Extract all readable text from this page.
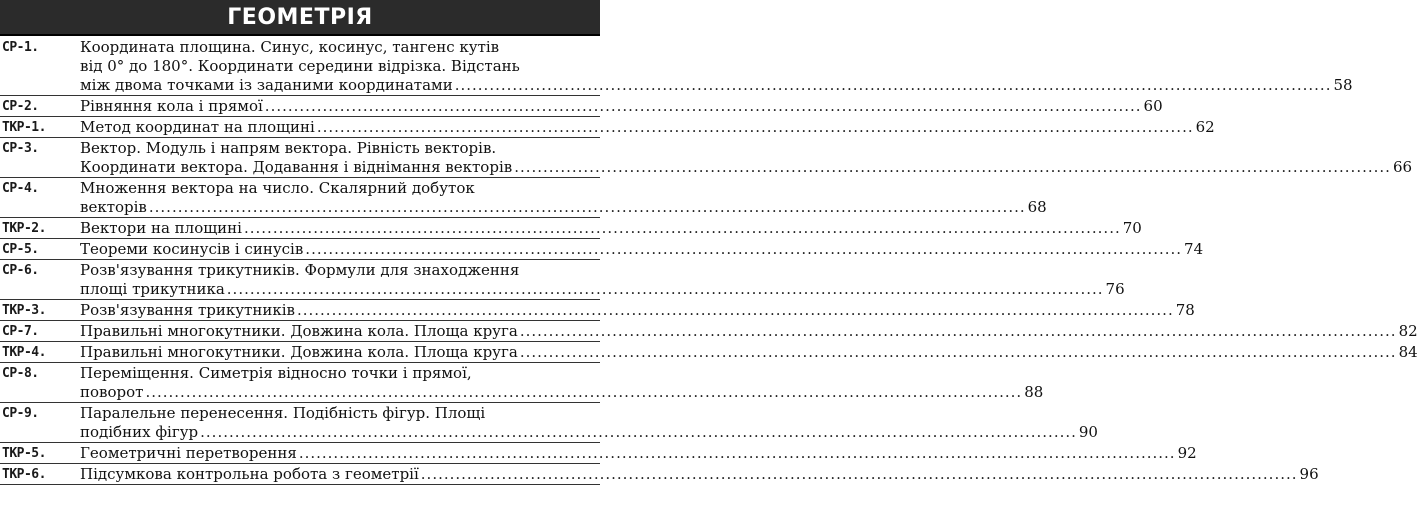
ГЕОМЕТРІЯ
СР-1.	Координата площина. Синус, косинус, тангенс кутів
від 0° до 180°. Координати середини відрізка. Відстань
між двома точками із заданими координатами .....	58
СР-2.	Рівняння кола і прямої .....	60
ТКР-1.	Метод координат на площині .....	62
СР-3.	Вектор. Модуль і напрям вектора. Рівність векторів.
Координати вектора. Додавання і віднімання векторів .....	66
СР-4.	Множення вектора на число. Скалярний добуток
векторів .....	68
ТКР-2.	Вектори на площині .....	70
СР-5.	Теореми косинусів і синусів .....	74
СР-6.	Розв'язування трикутників. Формули для знаходження
площі трикутника .....	76
ТКР-3.	Розв'язування трикутників .....	78
СР-7.	Правильні многокутники. Довжина кола. Площа круга .....	82
ТКР-4.	Правильні многокутники. Довжина кола. Площа круга .....	84
СР-8.	Переміщення. Симетрія відносно точки і прямої,
поворот .....	88
СР-9.	Паралельне перенесення. Подібність фігур. Площі
подібних фігур .....	90
ТКР-5.	Геометричні перетворення .....	92
ТКР-6.	Підсумкова контрольна робота з геометрії .....	96
